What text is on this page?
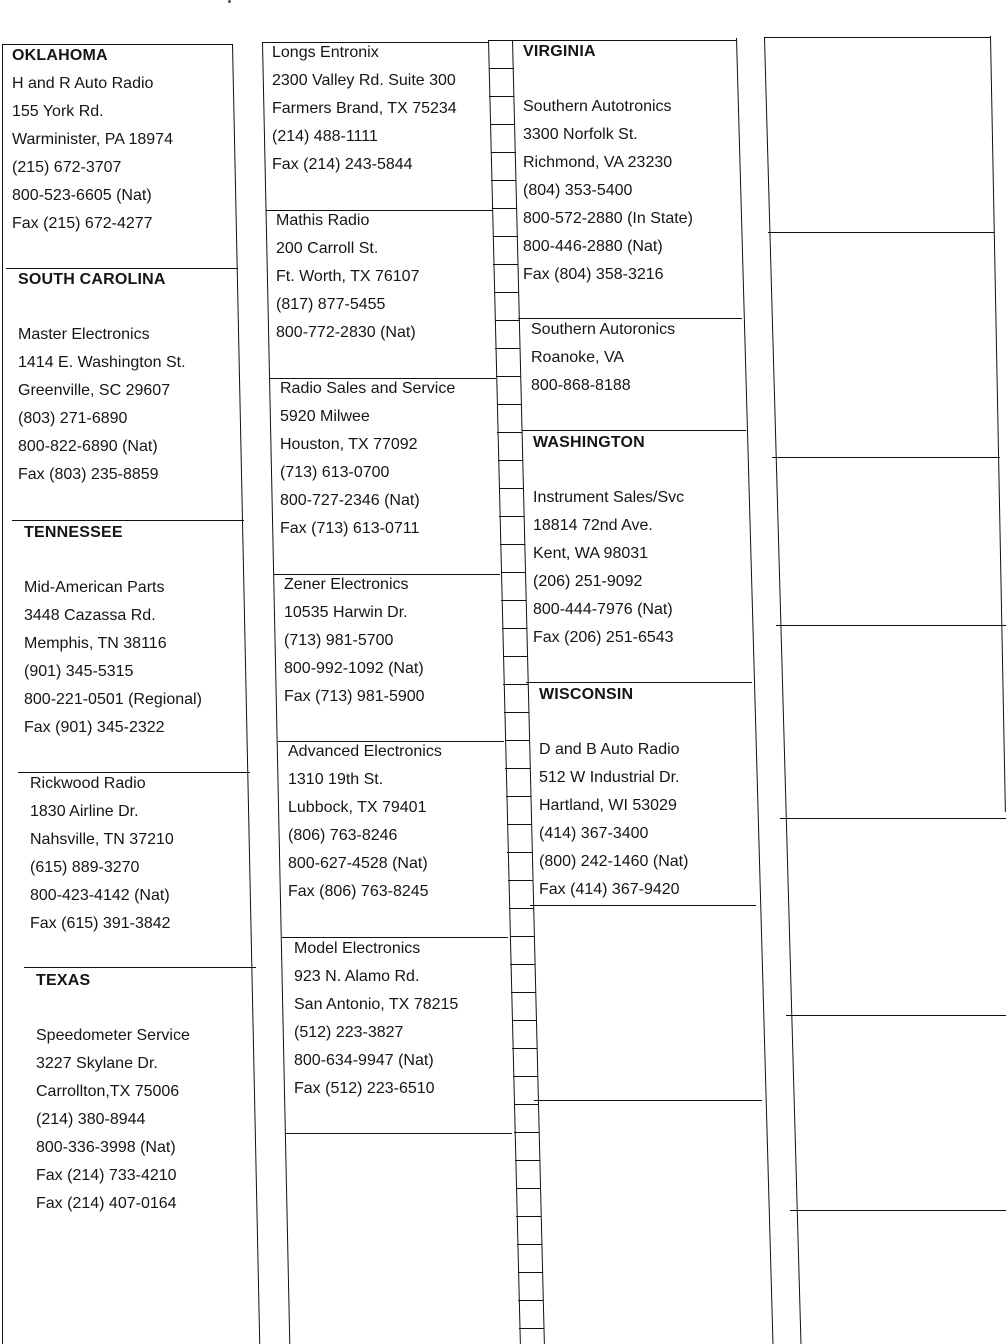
OKLAHOMA
H and R Auto Radio
155 York Rd.
Warminister, PA 18974
(215) 672-3707
800-523-6605 (Nat)
Fax (215) 672-4277
SOUTH CAROLINA
Master Electronics
1414 E. Washington St.
Greenville, SC 29607
(803) 271-6890
800-822-6890 (Nat)
Fax (803) 235-8859
TENNESSEE
Mid-American Parts
3448 Cazassa Rd.
Memphis, TN 38116
(901) 345-5315
800-221-0501 (Regional)
Fax (901) 345-2322
Rickwood Radio
1830 Airline Dr.
Nahsville, TN 37210
(615) 889-3270
800-423-4142 (Nat)
Fax (615) 391-3842
TEXAS
Speedometer Service
3227 Skylane Dr.
Carrollton,TX 75006
(214) 380-8944
800-336-3998 (Nat)
Fax (214) 733-4210
Fax (214) 407-0164
Longs Entronix
2300 Valley Rd. Suite 300
Farmers Brand, TX 75234
(214) 488-1111
Fax (214) 243-5844
Mathis Radio
200 Carroll St.
Ft. Worth, TX 76107
(817) 877-5455
800-772-2830 (Nat)
Radio Sales and Service
5920 Milwee
Houston, TX 77092
(713) 613-0700
800-727-2346 (Nat)
Fax (713) 613-0711
Zener Electronics
10535 Harwin Dr.
(713) 981-5700
800-992-1092 (Nat)
Fax (713) 981-5900
Advanced Electronics
1310 19th St.
Lubbock, TX 79401
(806) 763-8246
800-627-4528 (Nat)
Fax (806) 763-8245
Model Electronics
923 N. Alamo Rd.
San Antonio, TX 78215
(512) 223-3827
800-634-9947 (Nat)
Fax (512) 223-6510
VIRGINIA
Southern Autotronics
3300 Norfolk St.
Richmond, VA 23230
(804) 353-5400
800-572-2880 (In State)
800-446-2880 (Nat)
Fax (804) 358-3216
Southern Autoronics
Roanoke, VA
800-868-8188
WASHINGTON
Instrument Sales/Svc
18814 72nd Ave.
Kent, WA 98031
(206) 251-9092
800-444-7976 (Nat)
Fax (206) 251-6543
WISCONSIN
D and B Auto Radio
512 W Industrial Dr.
Hartland, WI 53029
(414) 367-3400
(800) 242-1460 (Nat)
Fax (414) 367-9420
